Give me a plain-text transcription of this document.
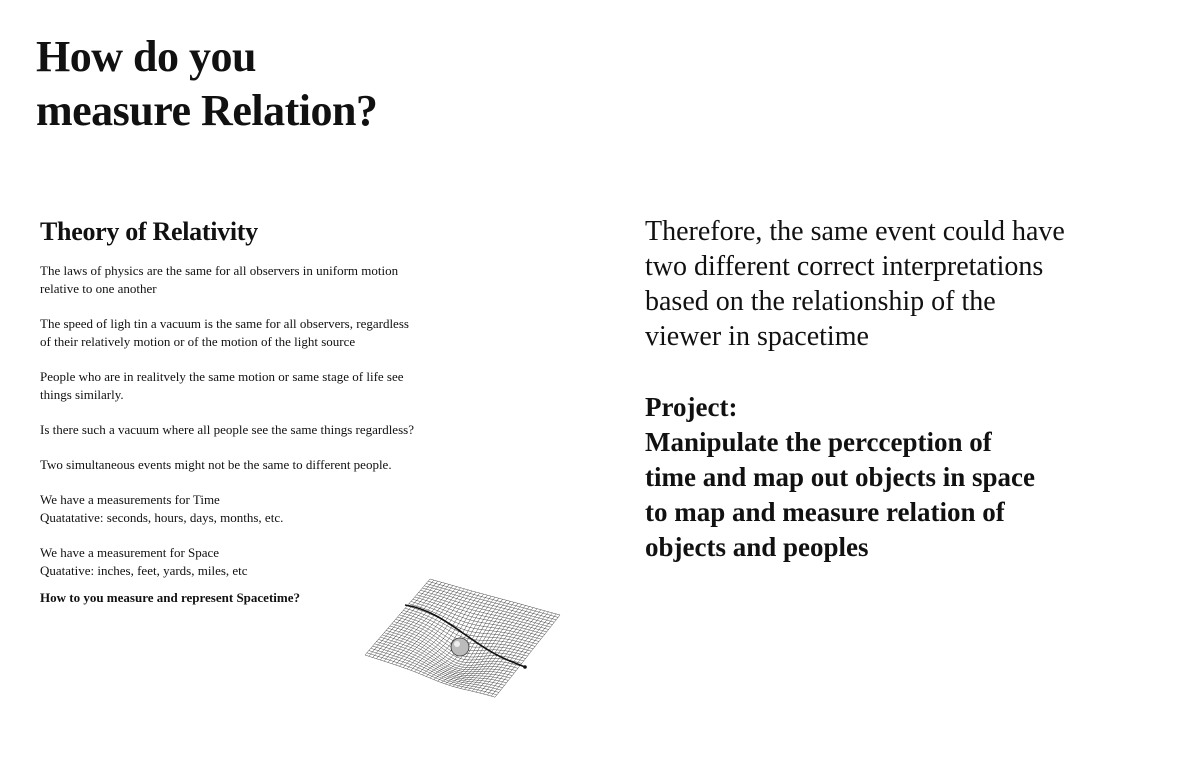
How do you
measure Relation?
Theory of Relativity

The laws of physics are the same for all observers in uniform motion
relative to one another

The speed of ligh tin a vacuum is the same for all observers, regardless
of their relatively motion or of the motion of the light source

People who are in realitvely the same motion or same stage of life see
things similarly.

Is there such a vacuum where all people see the same things regardless?

Two simultaneous events might not be the same to different people.

We have a measurements for Time
Quatatative: seconds, hours, days, months, etc.

We have a measurement for Space
Quatative: inches, feet, yards, miles, etc

How to you measure and represent Spacetime?

Therefore, the same event could have
two different correct interpretations
based on the relationship of the
viewer in spacetime

Project:
Manipulate the percception of
time and map out objects in space
to map and measure relation of
objects and peoples
